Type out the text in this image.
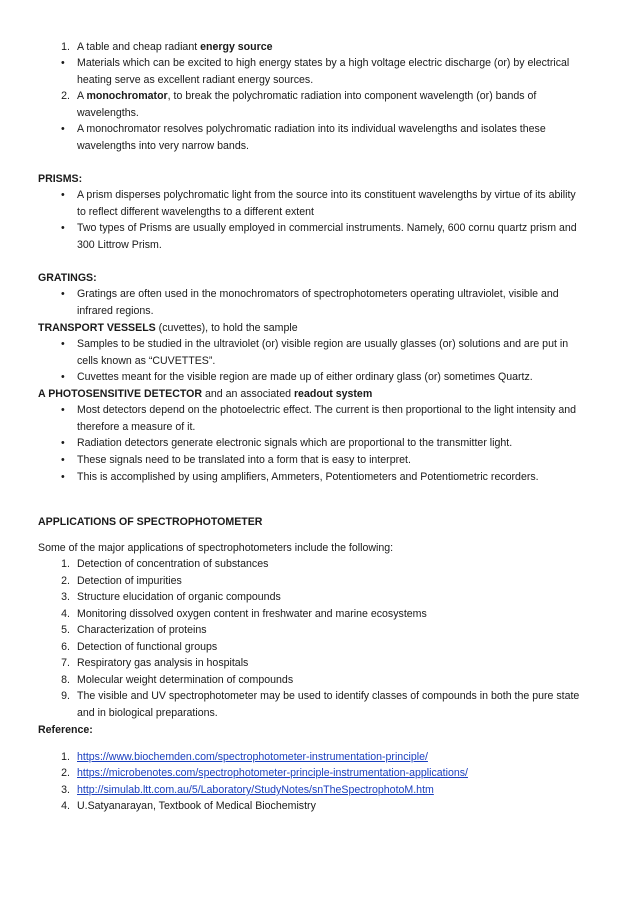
1. A table and cheap radiant energy source
• Materials which can be excited to high energy states by a high voltage electric discharge (or) by electrical heating serve as excellent radiant energy sources.
2. A monochromator, to break the polychromatic radiation into component wavelength (or) bands of wavelengths.
• A monochromator resolves polychromatic radiation into its individual wavelengths and isolates these wavelengths into very narrow bands.
PRISMS:
• A prism disperses polychromatic light from the source into its constituent wavelengths by virtue of its ability to reflect different wavelengths to a different extent
• Two types of Prisms are usually employed in commercial instruments. Namely, 600 cornu quartz prism and 300 Littrow Prism.
GRATINGS:
• Gratings are often used in the monochromators of spectrophotometers operating ultraviolet, visible and infrared regions.
TRANSPORT VESSELS (cuvettes), to hold the sample
• Samples to be studied in the ultraviolet (or) visible region are usually glasses (or) solutions and are put in cells known as “CUVETTES”.
• Cuvettes meant for the visible region are made up of either ordinary glass (or) sometimes Quartz.
A PHOTOSENSITIVE DETECTOR and an associated readout system
• Most detectors depend on the photoelectric effect. The current is then proportional to the light intensity and therefore a measure of it.
• Radiation detectors generate electronic signals which are proportional to the transmitter light.
• These signals need to be translated into a form that is easy to interpret.
• This is accomplished by using amplifiers, Ammeters, Potentiometers and Potentiometric recorders.
APPLICATIONS OF SPECTROPHOTOMETER
Some of the major applications of spectrophotometers include the following:
1. Detection of concentration of substances
2. Detection of impurities
3. Structure elucidation of organic compounds
4. Monitoring dissolved oxygen content in freshwater and marine ecosystems
5. Characterization of proteins
6. Detection of functional groups
7. Respiratory gas analysis in hospitals
8. Molecular weight determination of compounds
9. The visible and UV spectrophotometer may be used to identify classes of compounds in both the pure state and in biological preparations.
Reference:
1. https://www.biochemden.com/spectrophotometer-instrumentation-principle/
2. https://microbenotes.com/spectrophotometer-principle-instrumentation-applications/
3. http://simulab.ltt.com.au/5/Laboratory/StudyNotes/snTheSpectrophotoM.htm
4. U.Satyanarayan, Textbook of Medical Biochemistry
